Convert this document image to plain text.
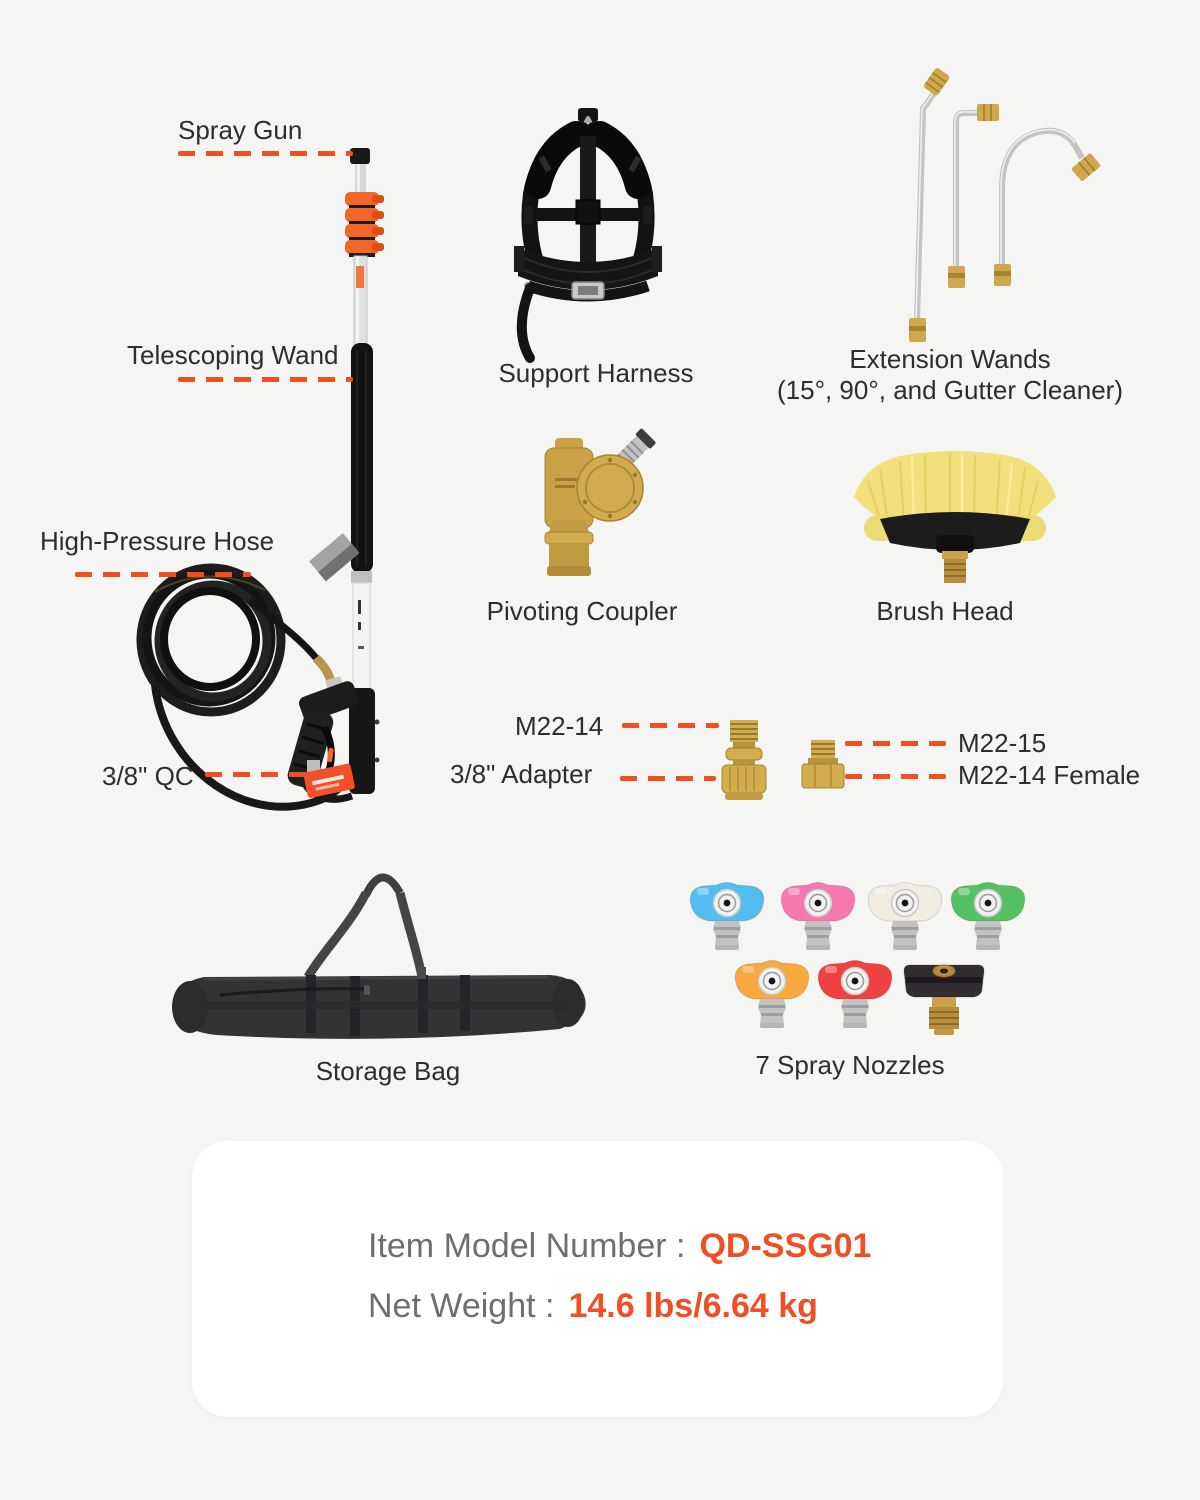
Spray Gun
Telescoping Wand
High-Pressure Hose
3/8" QC
M22-14
3/8" Adapter
M22-15
M22-14 Female
Support Harness	Extension Wands
(15°, 90°, and Gutter Cleaner)
Pivoting Coupler	Brush Head
Storage Bag	7 Spray Nozzles
Item Model Number : QD-SSG01
Net Weight : 14.6 lbs/6.64 kg
